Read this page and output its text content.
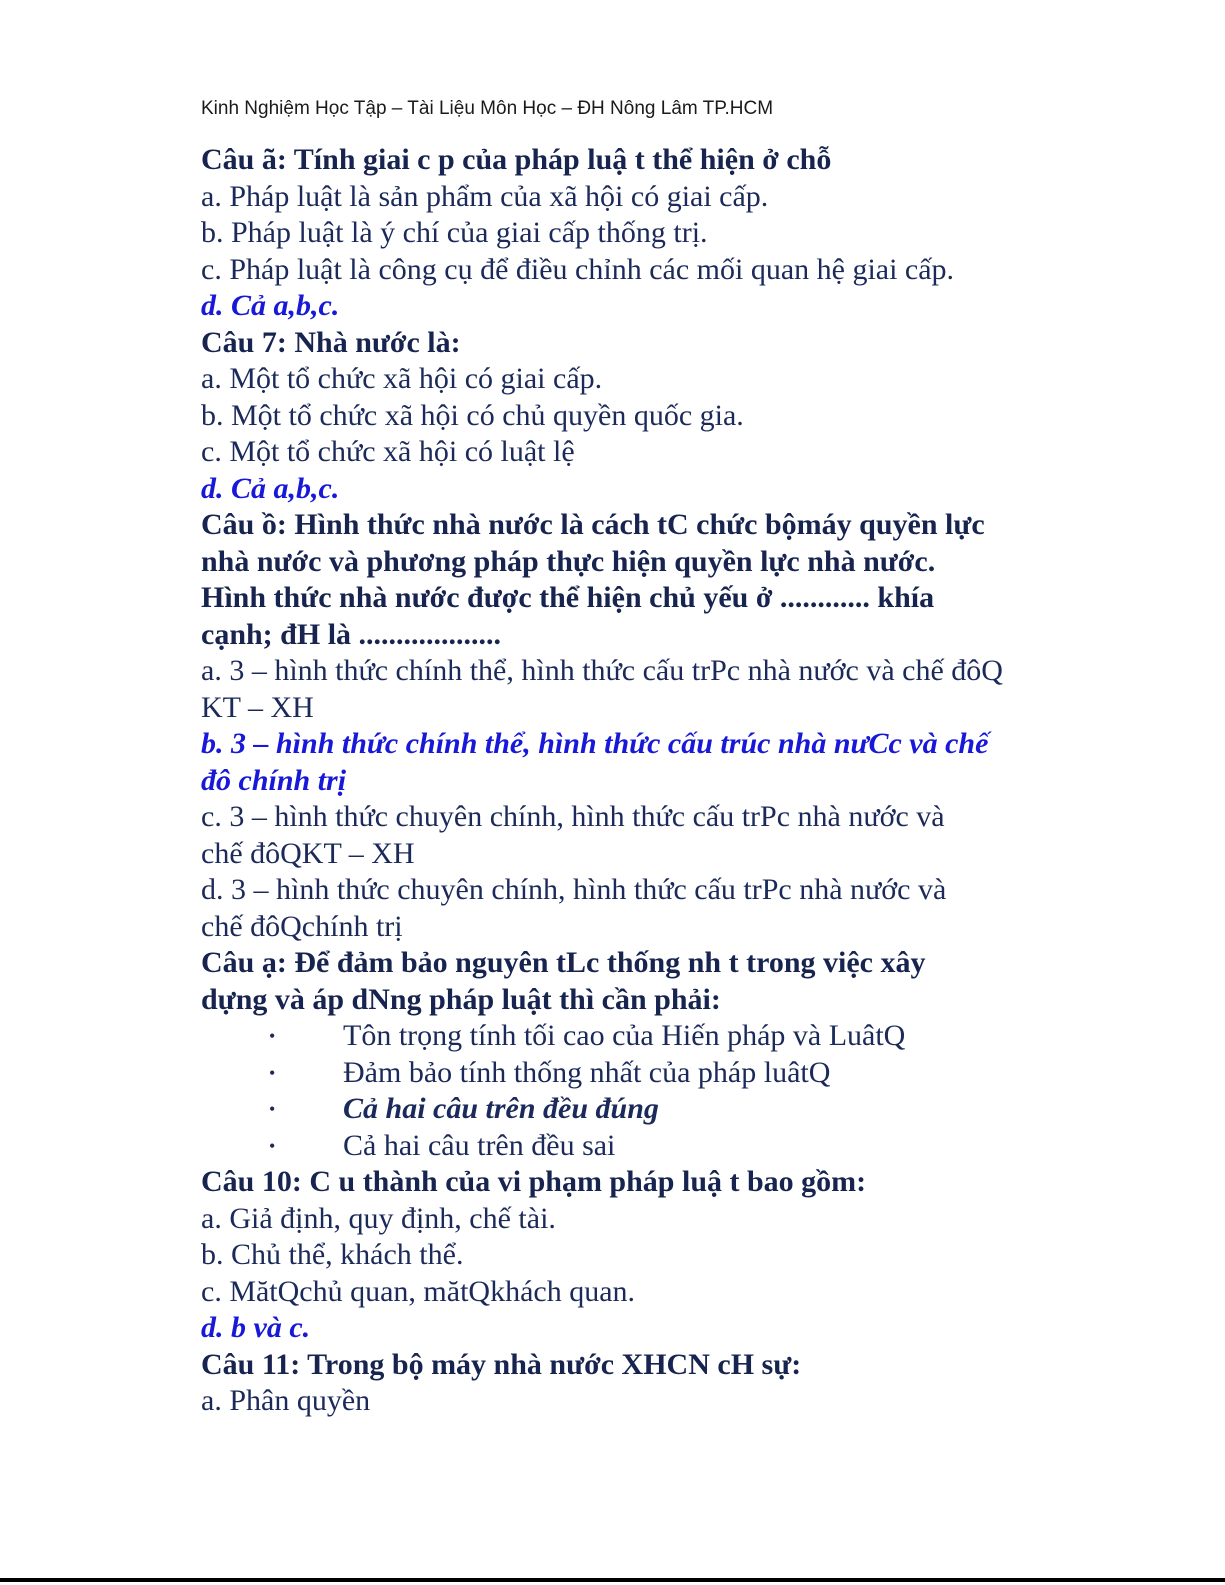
Kinh Nghiệm Học Tập – Tài Liệu Môn Học – ĐH Nông Lâm TP.HCM
Câu ã: Tính giai c p của pháp luậ t thể hiện ở chỗ
a. Pháp luật là sản phẩm của xã hội có giai cấp.
b. Pháp luật là ý chí của giai cấp thống trị.
c. Pháp luật là công cụ để điều chỉnh các mối quan hệ giai cấp.
d. Cả a,b,c.
Câu 7: Nhà nước là:
a. Một tổ chức xã hội có giai cấp.
b. Một tổ chức xã hội có chủ quyền quốc gia.
c. Một tổ chức xã hội có luật lệ
d. Cả a,b,c.
Câu ồ: Hình thức nhà nước là cách tC chức bộmáy quyền lực
nhà nước và phương pháp thực hiện quyền lực nhà nước.
Hình thức nhà nước được thể hiện chủ yếu ở ............ khía
cạnh; đH là ...................
a. 3 – hình thức chính thể, hình thức cấu trPc nhà nước và chế đôQ
KT – XH
b. 3 – hình thức chính thể, hình thức cấu trúc nhà nưCc và chế
đô chính trị
c. 3 – hình thức chuyên chính, hình thức cấu trPc nhà nước và
chế đôQKT – XH
d. 3 – hình thức chuyên chính, hình thức cấu trPc nhà nước và
chế đôQchính trị
Câu ạ: Để đảm bảo nguyên tLc thống nh t trong việc xây
dựng và áp dNng pháp luật thì cần phải:
• Tôn trọng tính tối cao của Hiến pháp và LuâtQ
• Đảm bảo tính thống nhất của pháp luâtQ
• Cả hai câu trên đều đúng
• Cả hai câu trên đều sai
Câu 10: C u thành của vi phạm pháp luậ t bao gồm:
a. Giả định, quy định, chế tài.
b. Chủ thể, khách thể.
c. MătQchủ quan, mătQkhách quan.
d. b và c.
Câu 11: Trong bộ máy nhà nước XHCN cH sự:
a. Phân quyền
